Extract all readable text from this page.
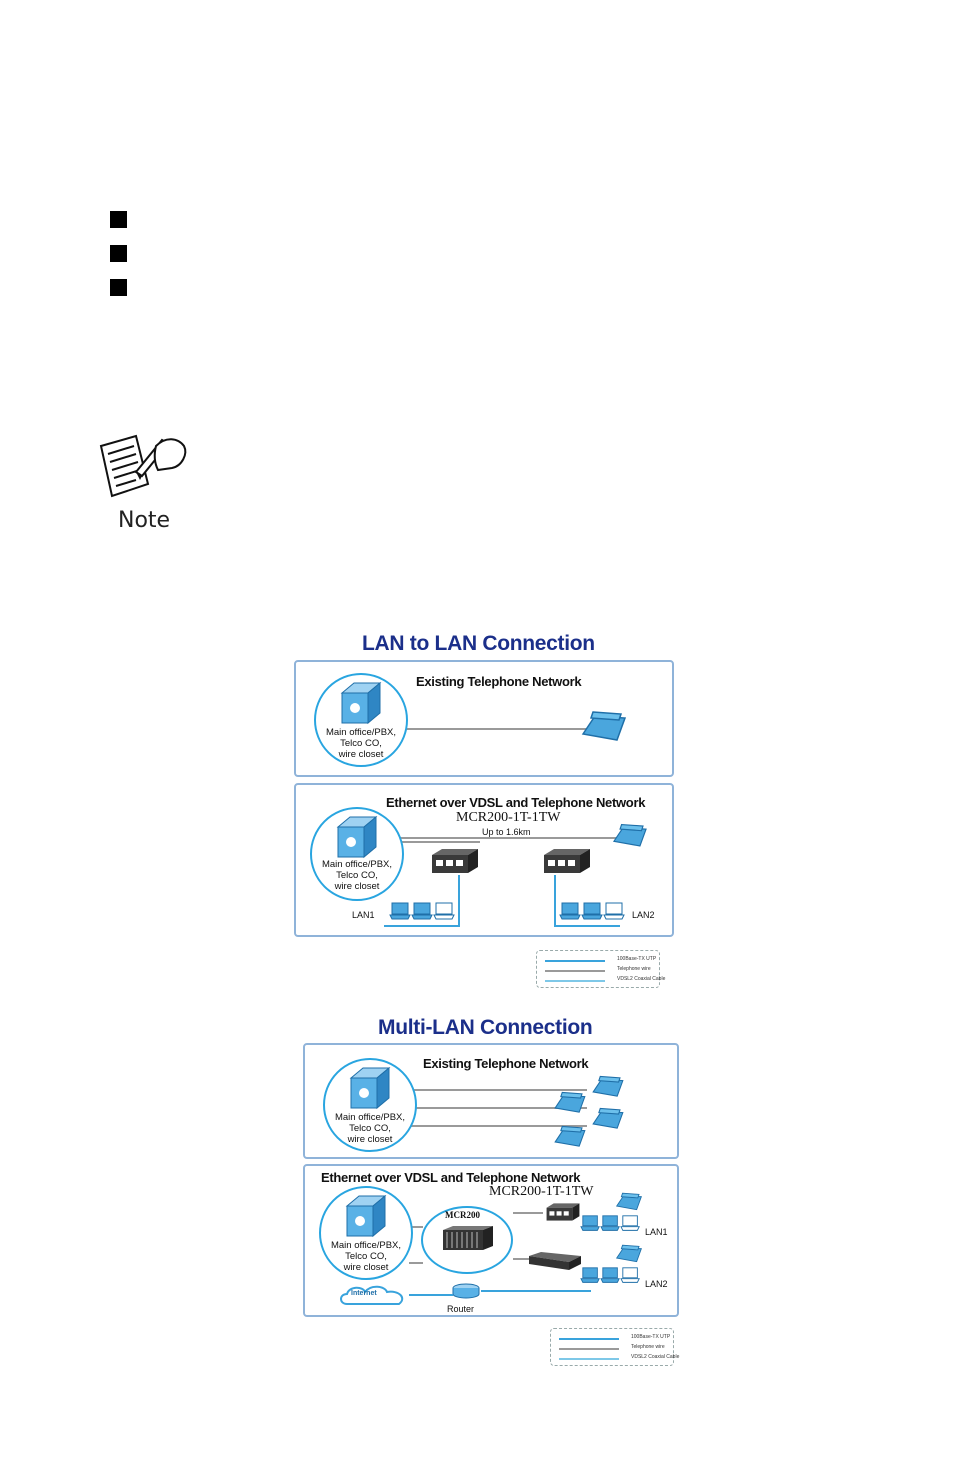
Note
LAN to LAN Connection
Existing Telephone Network
Main office/PBX,
Telco CO,
wire closet
Ethernet over VDSL and Telephone Network
MCR200-1T-1TW
Up to 1.6km
LAN1	LAN2
Main office/PBX,
Telco CO,
wire closet
100Base-TX UTP
Telephone wire
VDSL2 Coaxial Cable
Multi-LAN Connection
Existing Telephone Network
Main office/PBX,
Telco CO,
wire closet
Ethernet over VDSL and Telephone Network
MCR200-1T-1TW
LAN1
LAN2
MCR200
Router
Internet
Main office/PBX,
Telco CO,
wire closet
100Base-TX UTP
Telephone wire
VDSL2 Coaxial Cable
